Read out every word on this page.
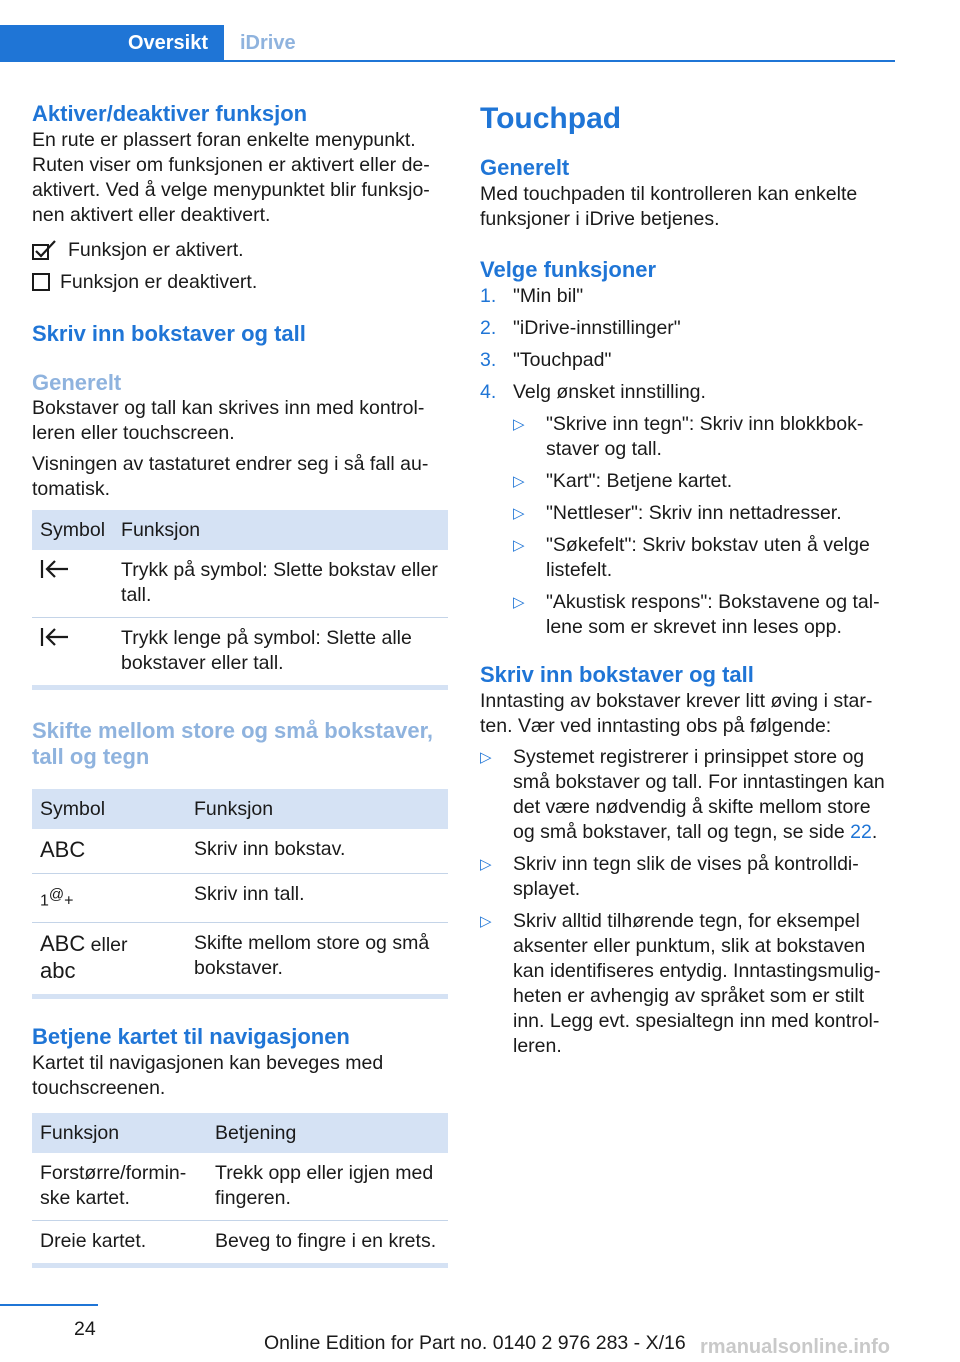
Oversikt	iDrive
Aktiver/deaktiver funksjon

En rute er plassert foran enkelte menypunkt. Ruten viser om funksjonen er aktivert eller deaktivert. Ved å velge menypunktet blir funksjonen aktivert eller deaktivert.

Funksjon er aktivert.
Funksjon er deaktivert.
Skriv inn bokstaver og tall
Generelt

Bokstaver og tall kan skrives inn med kontrolleren eller touchscreen.

Visningen av tastaturet endrer seg i så fall automatisk.

Symbol	Funksjon
	Trykk på symbol: Slette bokstav eller tall.
	Trykk lenge på symbol: Slette alle bokstaver eller tall.
Skifte mellom store og små bokstaver, tall og tegn
Symbol	Funksjon
ABC	Skriv inn bokstav.
1@+	Skriv inn tall.
ABC eller
abc	Skifte mellom store og små bokstaver.
Betjene kartet til navigasjonen

Kartet til navigasjonen kan beveges med touchscreenen.

Funksjon	Betjening
Forstørre/forminske kartet.	Trekk opp eller igjen med fingeren.
Dreie kartet.	Beveg to fingre i en krets.
Touchpad
Generelt

Med touchpaden til kontrolleren kan enkelte funksjoner i iDrive betjenes.

Velge funksjoner
1. "Min bil"
2. "iDrive-innstillinger"
3. "Touchpad"
4. Velg ønsket innstilling.
▷	"Skrive inn tegn": Skriv inn blokkbokstaver og tall.
▷	"Kart": Betjene kartet.
▷	"Nettleser": Skriv inn nettadresser.
▷	"Søkefelt": Skriv bokstav uten å velge listefelt.
▷	"Akustisk respons": Bokstavene og tallene som er skrevet inn leses opp.
Skriv inn bokstaver og tall

Inntasting av bokstaver krever litt øving i starten. Vær ved inntasting obs på følgende:

▷	Systemet registrerer i prinsippet store og små bokstaver og tall. For inntastingen kan det være nødvendig å skifte mellom store og små bokstaver, tall og tegn, se side 22.
▷	Skriv inn tegn slik de vises på kontrolldisplayet.
▷	Skriv alltid tilhørende tegn, for eksempel aksenter eller punktum, slik at bokstaven kan identifiseres entydig. Inntastingsmuligheten er avhengig av språket som er stilt inn. Legg evt. spesialtegn inn med kontrolleren.
24
Online Edition for Part no. 0140 2 976 283 - X/16 rmanualsonline.info
